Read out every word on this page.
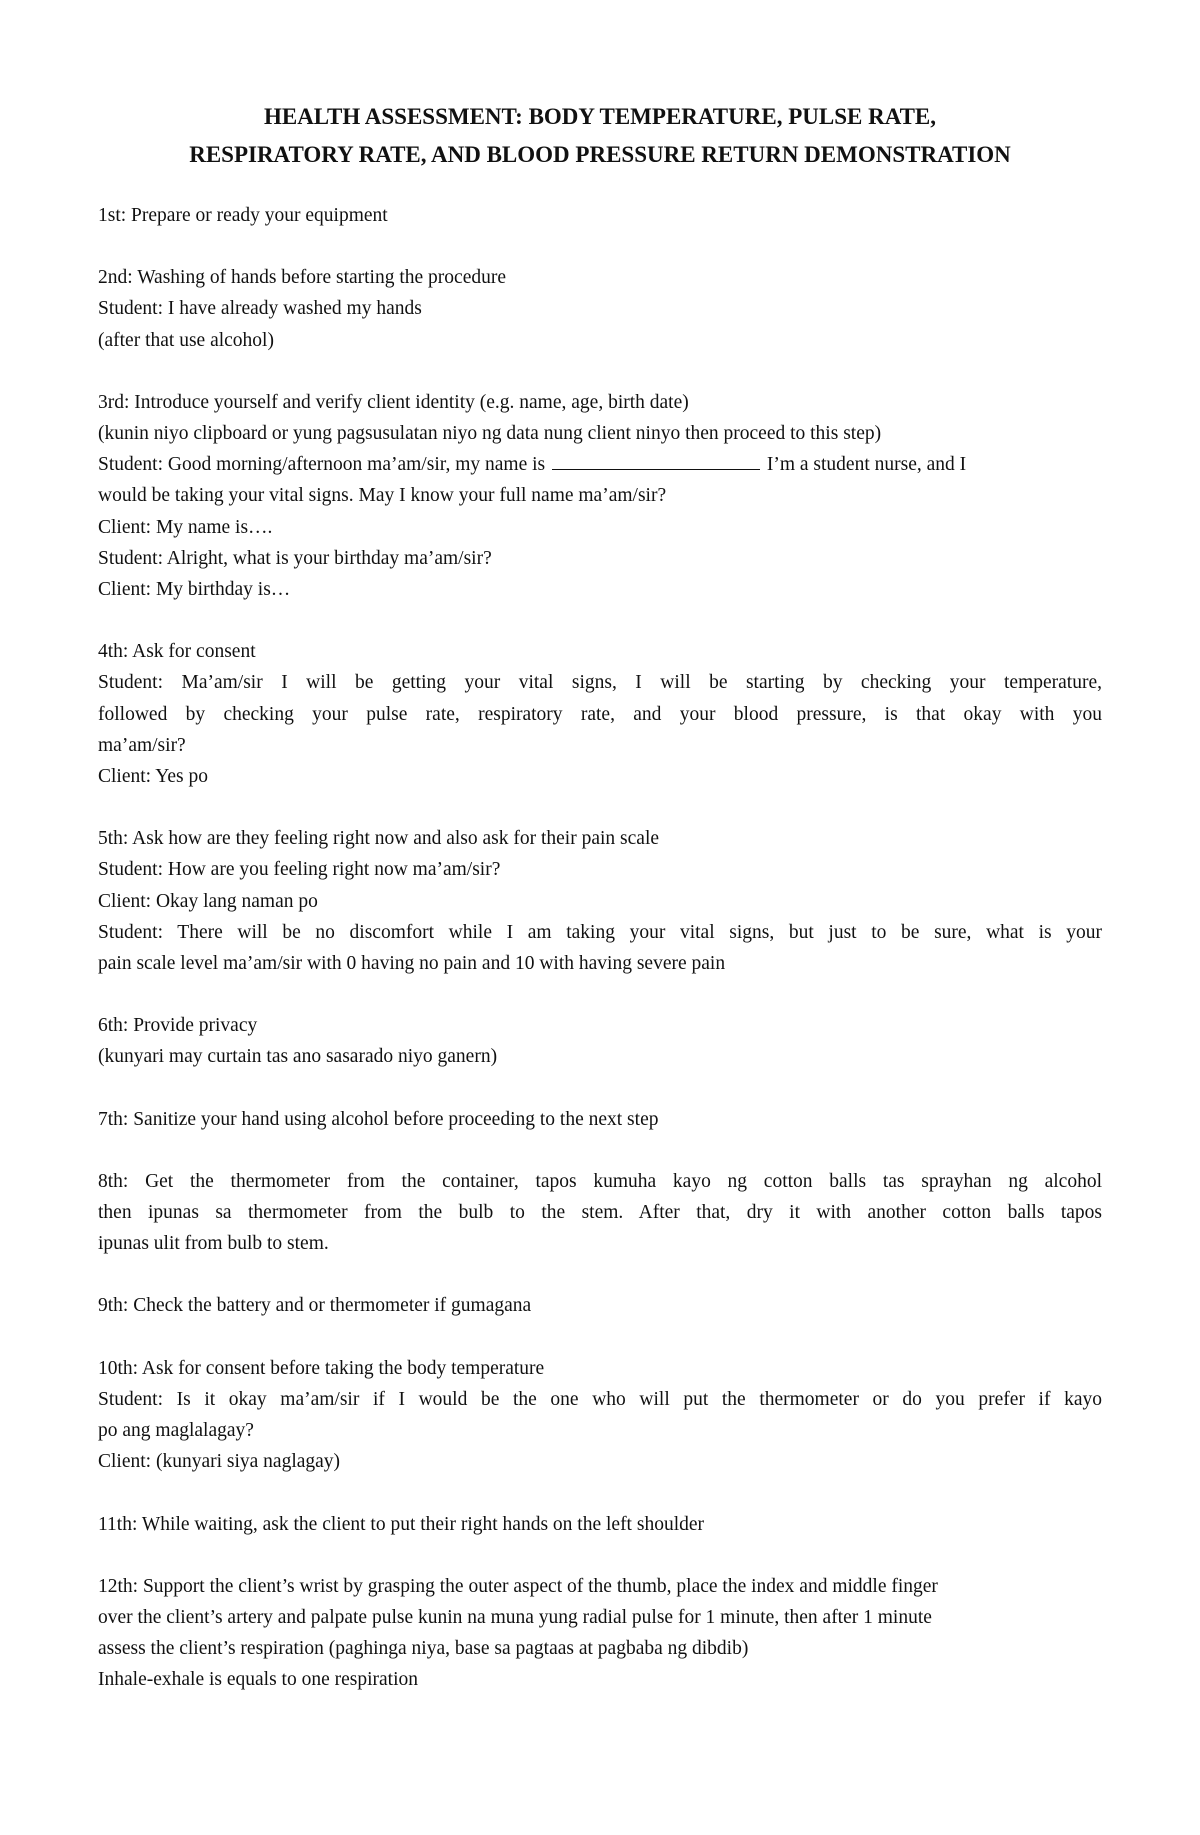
HEALTH ASSESSMENT: BODY TEMPERATURE, PULSE RATE,
RESPIRATORY RATE, AND BLOOD PRESSURE RETURN DEMONSTRATION
1st: Prepare or ready your equipment
2nd: Washing of hands before starting the procedure
Student: I have already washed my hands
(after that use alcohol)
3rd: Introduce yourself and verify client identity (e.g. name, age, birth date)
(kunin niyo clipboard or yung pagsusulatan niyo ng data nung client ninyo then proceed to this step)
Student: Good morning/afternoon ma’am/sir, my name is	I’m a student nurse, and I
would be taking your vital signs. May I know your full name ma’am/sir?
Client: My name is….
Student: Alright, what is your birthday ma’am/sir?
Client: My birthday is…
4th: Ask for consent
Student: Ma’am/sir I will be getting your vital signs, I will be starting by checking your temperature,
followed by checking your pulse rate, respiratory rate, and your blood pressure, is that okay with you
ma’am/sir?
Client: Yes po
5th: Ask how are they feeling right now and also ask for their pain scale
Student: How are you feeling right now ma’am/sir?
Client: Okay lang naman po
Student: There will be no discomfort while I am taking your vital signs, but just to be sure, what is your
pain scale level ma’am/sir with 0 having no pain and 10 with having severe pain
6th: Provide privacy
(kunyari may curtain tas ano sasarado niyo ganern)
7th: Sanitize your hand using alcohol before proceeding to the next step
8th: Get the thermometer from the container, tapos kumuha kayo ng cotton balls tas sprayhan ng alcohol
then ipunas sa thermometer from the bulb to the stem. After that, dry it with another cotton balls tapos
ipunas ulit from bulb to stem.
9th: Check the battery and or thermometer if gumagana
10th: Ask for consent before taking the body temperature
Student: Is it okay ma’am/sir if I would be the one who will put the thermometer or do you prefer if kayo
po ang maglalagay?
Client: (kunyari siya naglagay)
11th: While waiting, ask the client to put their right hands on the left shoulder
12th: Support the client’s wrist by grasping the outer aspect of the thumb, place the index and middle finger
over the client’s artery and palpate pulse kunin na muna yung radial pulse for 1 minute, then after 1 minute
assess the client’s respiration (paghinga niya, base sa pagtaas at pagbaba ng dibdib)
Inhale-exhale is equals to one respiration
